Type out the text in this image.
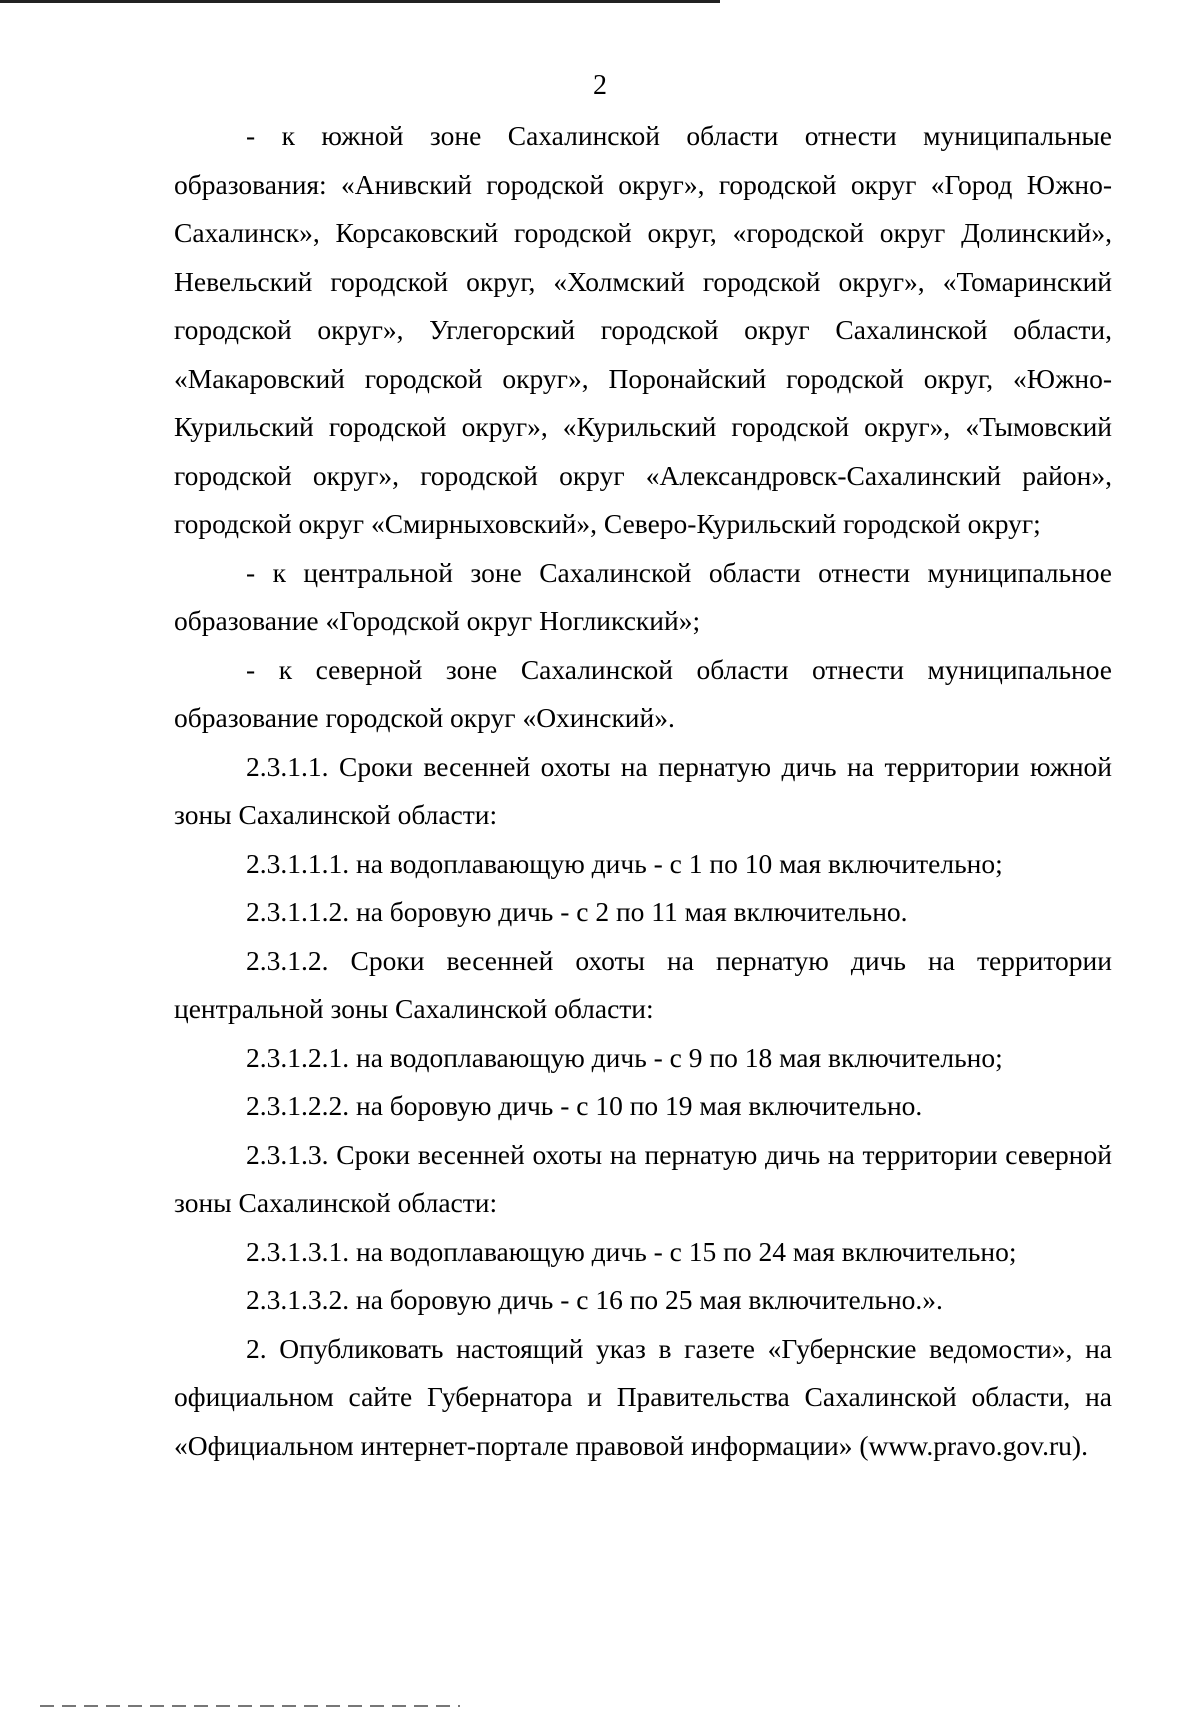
2

- к южной зоне Сахалинской области отнести муниципальные образования: «Анивский городской округ», городской округ «Город Южно-Сахалинск», Корсаковский городской округ, «городской округ Долинский», Невельский городской округ, «Холмский городской округ», «Томаринский городской округ», Углегорский городской округ Сахалинской области, «Макаровский городской округ», Поронайский городской округ, «Южно-Курильский городской округ», «Курильский городской округ», «Тымовский городской округ», городской округ «Александровск-Сахалинский район», городской округ «Смирныховский», Северо-Курильский городской округ;

- к центральной зоне Сахалинской области отнести муниципальное образование «Городской округ Ногликский»;

- к северной зоне Сахалинской области отнести муниципальное образование городской округ «Охинский».

2.3.1.1. Сроки весенней охоты на пернатую дичь на территории южной зоны Сахалинской области:

2.3.1.1.1. на водоплавающую дичь - с 1 по 10 мая включительно;

2.3.1.1.2. на боровую дичь - с 2 по 11 мая включительно.

2.3.1.2. Сроки весенней охоты на пернатую дичь на территории центральной зоны Сахалинской области:

2.3.1.2.1. на водоплавающую дичь - с 9 по 18 мая включительно;

2.3.1.2.2. на боровую дичь - с 10 по 19 мая включительно.

2.3.1.3. Сроки весенней охоты на пернатую дичь на территории северной зоны Сахалинской области:

2.3.1.3.1. на водоплавающую дичь - с 15 по 24 мая включительно;

2.3.1.3.2. на боровую дичь - с 16 по 25 мая включительно.».

2. Опубликовать настоящий указ в газете «Губернские ведомости», на официальном сайте Губернатора и Правительства Сахалинской области, на «Официальном интернет-портале правовой информации» (www.pravo.gov.ru).
